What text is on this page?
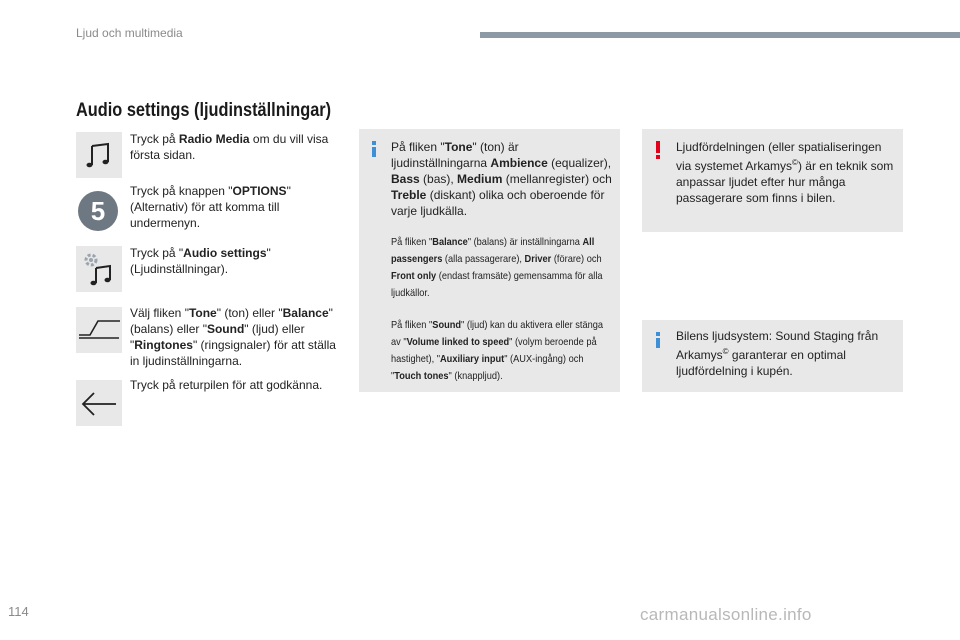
Ljud och multimedia
Audio settings (ljudinställningar)
Tryck på Radio Media om du vill visa första sidan.
5
Tryck på knappen "OPTIONS" (Alternativ) för att komma till undermenyn.
Tryck på "Audio settings" (Ljudinställningar).
Välj fliken "Tone" (ton) eller "Balance" (balans) eller "Sound" (ljud) eller "Ringtones" (ringsignaler) för att ställa in ljudinställningarna.
Tryck på returpilen för att godkänna.
På fliken "Tone" (ton) är ljudinställningarna Ambience (equalizer), Bass (bas), Medium (mellanregister) och Treble (diskant) olika och oberoende för varje ljudkälla.
På fliken "Balance" (balans) är inställningarna All passengers (alla passagerare), Driver (förare) och Front only (endast framsäte) gemensamma för alla ljudkällor.
På fliken "Sound" (ljud) kan du aktivera eller stänga av "Volume linked to speed" (volym beroende på hastighet), "Auxiliary input" (AUX-ingång) och "Touch tones" (knappljud).
Ljudfördelningen (eller spatialiseringen via systemet Arkamys©) är en teknik som anpassar ljudet efter hur många passagerare som finns i bilen.
Bilens ljudsystem: Sound Staging från Arkamys© garanterar en optimal ljudfördelning i kupén.
114	carmanualsonline.info
